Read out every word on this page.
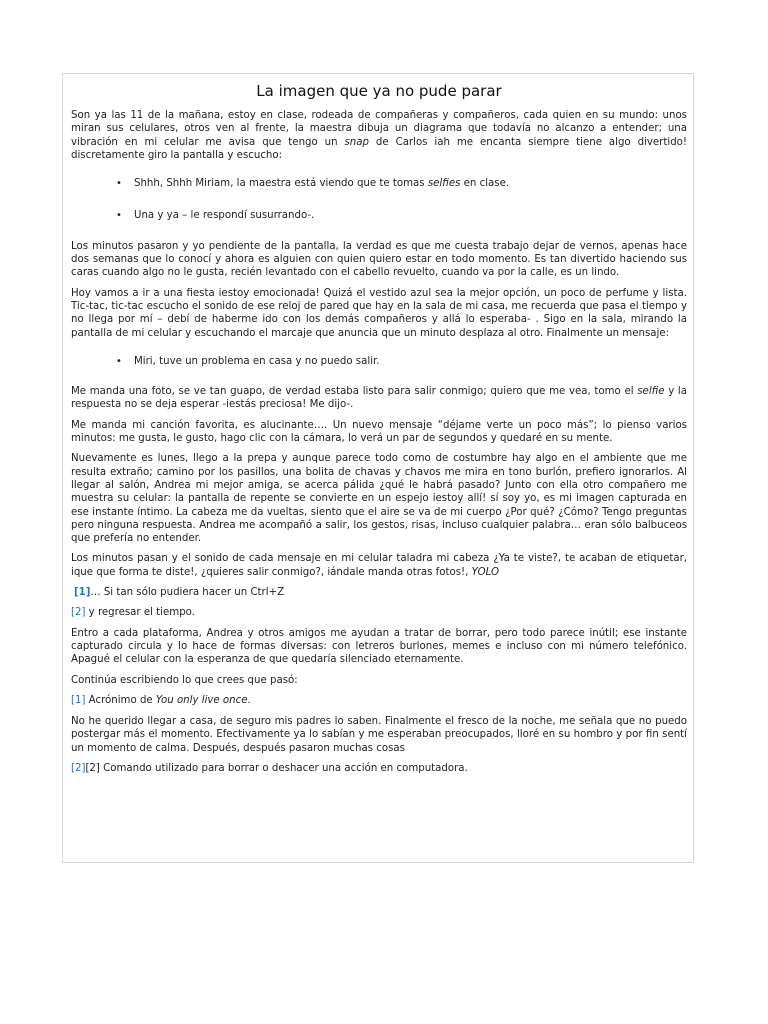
La imagen que ya no pude parar

Son ya las 11 de la mañana, estoy en clase, rodeada de compañeras y compañeros, cada quien en su mundo: unos miran sus celulares, otros ven al frente, la maestra dibuja un diagrama que todavía no alcanzo a entender; una vibración en mi celular me avisa que tengo un snap de Carlos iah me encanta siempre tiene algo divertido! discretamente giro la pantalla y escucho:

• Shhh, Shhh Miriam, la maestra está viendo que te tomas selfies en clase.
• Una y ya – le respondí susurrando-.

Los minutos pasaron y yo pendiente de la pantalla, la verdad es que me cuesta trabajo dejar de vernos, apenas hace dos semanas que lo conocí y ahora es alguien con quien quiero estar en todo momento. Es tan divertido haciendo sus caras cuando algo no le gusta, recién levantado con el cabello revuelto, cuando va por la calle, es un lindo.

Hoy vamos a ir a una fiesta iestoy emocionada! Quizá el vestido azul sea la mejor opción, un poco de perfume y lista. Tic-tac, tic-tac escucho el sonido de ese reloj de pared que hay en la sala de mi casa, me recuerda que pasa el tiempo y no llega por mí – debí de haberme ido con los demás compañeros y allá lo esperaba- . Sigo en la sala, mirando la pantalla de mi celular y escuchando el marcaje que anuncia que un minuto desplaza al otro. Finalmente un mensaje:

• Miri, tuve un problema en casa y no puedo salir.

Me manda una foto, se ve tan guapo, de verdad estaba listo para salir conmigo; quiero que me vea, tomo el selfie y la respuesta no se deja esperar -iestás preciosa! Me dijo-.

Me manda mi canción favorita, es alucinante…. Un nuevo mensaje “déjame verte un poco más”; lo pienso varios minutos: me gusta, le gusto, hago clic con la cámara, lo verá un par de segundos y quedaré en su mente.

Nuevamente es lunes, llego a la prepa y aunque parece todo como de costumbre hay algo en el ambiente que me resulta extraño; camino por los pasillos, una bolita de chavas y chavos me mira en tono burlón, prefiero ignorarlos. Al llegar al salón, Andrea mi mejor amiga, se acerca pálida ¿qué le habrá pasado? Junto con ella otro compañero me muestra su celular: la pantalla de repente se convierte en un espejo iestoy allí! sí soy yo, es mi imagen capturada en ese instante íntimo. La cabeza me da vueltas, siento que el aire se va de mi cuerpo ¿Por qué? ¿Cómo? Tengo preguntas pero ninguna respuesta. Andrea me acompañó a salir, los gestos, risas, incluso cualquier palabra… eran sólo balbuceos que prefería no entender.

Los minutos pasan y el sonido de cada mensaje en mi celular taladra mi cabeza ¿Ya te viste?, te acaban de etiquetar, ique que forma te diste!, ¿quieres salir conmigo?, iándale manda otras fotos!, YOLO

[1]… Si tan sólo pudiera hacer un Ctrl+Z

[2] y regresar el tiempo.

Entro a cada plataforma, Andrea y otros amigos me ayudan a tratar de borrar, pero todo parece inútil; ese instante capturado circula y lo hace de formas diversas: con letreros burlones, memes e incluso con mi número telefónico. Apagué el celular con la esperanza de que quedaría silenciado eternamente.

Continúa escribiendo lo que crees que pasó:

[1] Acrónimo de You only live once.

No he querido llegar a casa, de seguro mis padres lo saben. Finalmente el fresco de la noche, me señala que no puedo postergar más el momento. Efectivamente ya lo sabían y me esperaban preocupados, lloré en su hombro y por fin sentí un momento de calma. Después, después pasaron muchas cosas

[2][2] Comando utilizado para borrar o deshacer una acción en computadora.
